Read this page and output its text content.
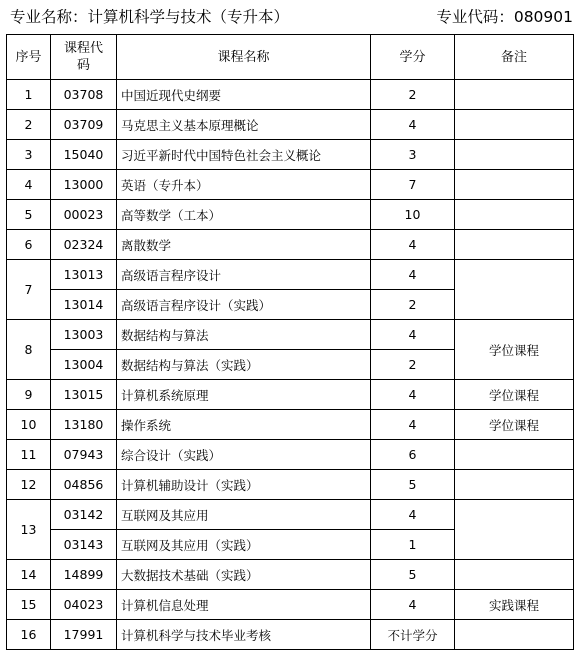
专业名称：计算机科学与技术（专升本）	专业代码：080901
序号	课程代码	课程名称	学分	备注
1	03708	中国近现代史纲要	2	
2	03709	马克思主义基本原理概论	4	
3	15040	习近平新时代中国特色社会主义概论	3	
4	13000	英语（专升本）	7	
5	00023	高等数学（工本）	10	
6	02324	离散数学	4	
7	13013	高级语言程序设计	4	
	13014	高级语言程序设计（实践）	2	
8	13003	数据结构与算法	4	学位课程
	13004	数据结构与算法（实践）	2	
9	13015	计算机系统原理	4	学位课程
10	13180	操作系统	4	学位课程
11	07943	综合设计（实践）	6	
12	04856	计算机辅助设计（实践）	5	
13	03142	互联网及其应用	4	
	03143	互联网及其应用（实践）	1	
14	14899	大数据技术基础（实践）	5	
15	04023	计算机信息处理	4	实践课程
16	17991	计算机科学与技术毕业考核	不计学分	
